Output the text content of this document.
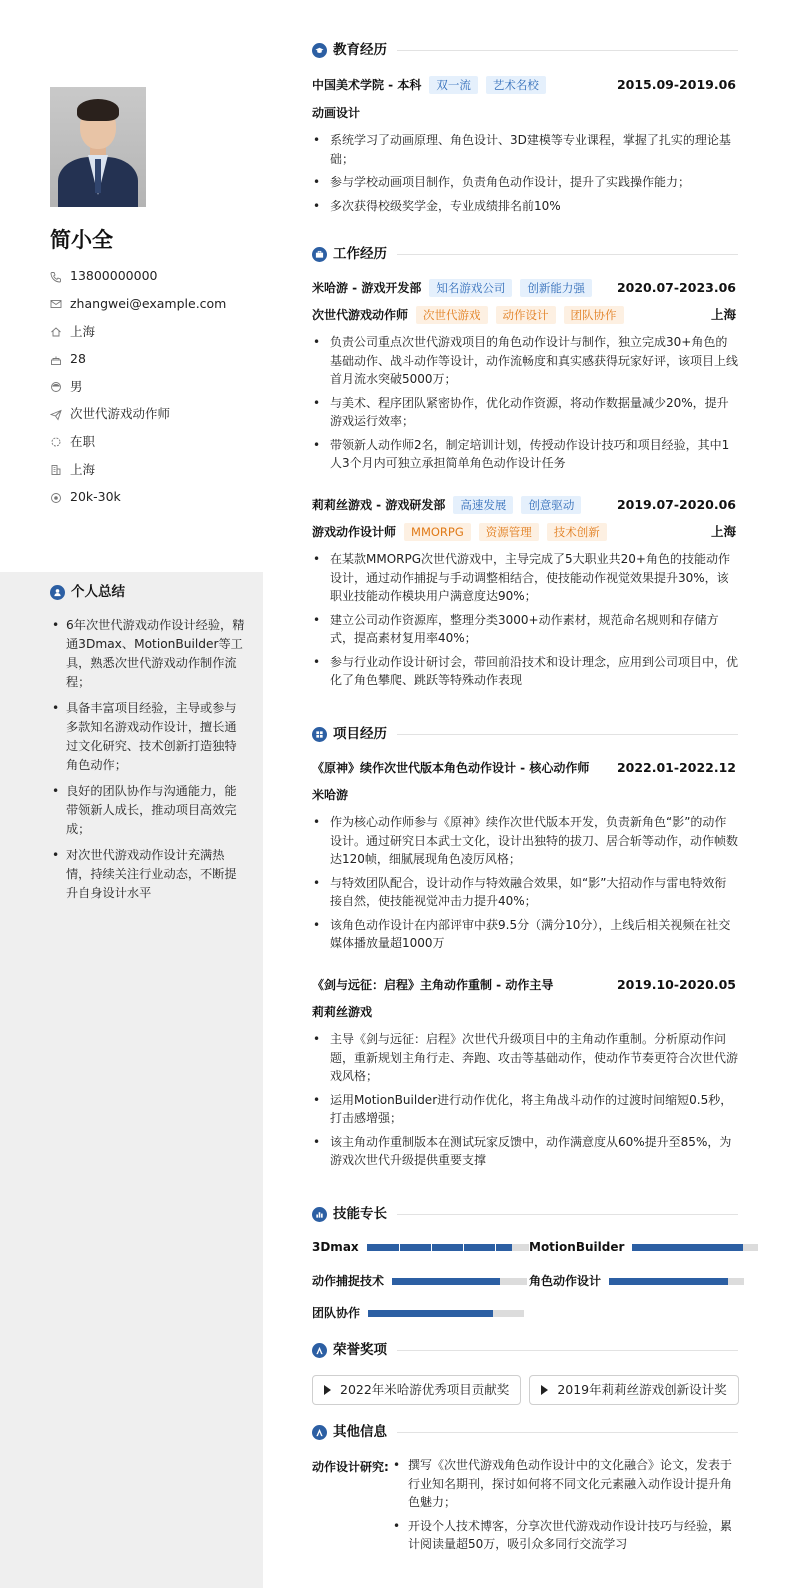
简小全
13800000000
zhangwei@example.com
上海
28
男
次世代游戏动作师
在职
上海
20k-30k
个人总结
• 6年次世代游戏动作设计经验，精通3Dmax、MotionBuilder等工具，熟悉次世代游戏动作制作流程；
• 具备丰富项目经验，主导或参与多款知名游戏动作设计，擅长通过文化研究、技术创新打造独特角色动作；
• 良好的团队协作与沟通能力，能带领新人成长，推动项目高效完成；
• 对次世代游戏动作设计充满热情，持续关注行业动态，不断提升自身设计水平
教育经历
中国美术学院 - 本科	双一流	艺术名校	2015.09-2019.06
动画设计
• 系统学习了动画原理、角色设计、3D建模等专业课程，掌握了扎实的理论基础；
• 参与学校动画项目制作，负责角色动作设计，提升了实践操作能力；
• 多次获得校级奖学金，专业成绩排名前10%
工作经历
米哈游 - 游戏开发部	知名游戏公司	创新能力强	2020.07-2023.06
次世代游戏动作师	次世代游戏	动作设计	团队协作	上海
• 负责公司重点次世代游戏项目的角色动作设计与制作，独立完成30+角色的基础动作、战斗动作等设计，动作流畅度和真实感获得玩家好评，该项目上线首月流水突破5000万；
• 与美术、程序团队紧密协作，优化动作资源，将动作数据量减少20%，提升游戏运行效率；
• 带领新人动作师2名，制定培训计划，传授动作设计技巧和项目经验，其中1人3个月内可独立承担简单角色动作设计任务
莉莉丝游戏 - 游戏研发部	高速发展	创意驱动	2019.07-2020.06
游戏动作设计师	MMORPG	资源管理	技术创新	上海
• 在某款MMORPG次世代游戏中，主导完成了5大职业共20+角色的技能动作设计，通过动作捕捉与手动调整相结合，使技能动作视觉效果提升30%，该职业技能动作模块用户满意度达90%；
• 建立公司动作资源库，整理分类3000+动作素材，规范命名规则和存储方式，提高素材复用率40%；
• 参与行业动作设计研讨会，带回前沿技术和设计理念，应用到公司项目中，优化了角色攀爬、跳跃等特殊动作表现
项目经历
《原神》续作次世代版本角色动作设计 - 核心动作师 2022.01-2022.12
米哈游
• 作为核心动作师参与《原神》续作次世代版本开发，负责新角色“影”的动作设计。通过研究日本武士文化，设计出独特的拔刀、居合斩等动作，动作帧数达120帧，细腻展现角色凌厉风格；
• 与特效团队配合，设计动作与特效融合效果，如“影”大招动作与雷电特效衔接自然，使技能视觉冲击力提升40%；
• 该角色动作设计在内部评审中获9.5分（满分10分），上线后相关视频在社交媒体播放量超1000万
《剑与远征：启程》主角动作重制 - 动作主导	2019.10-2020.05
莉莉丝游戏
• 主导《剑与远征：启程》次世代升级项目中的主角动作重制。分析原动作问题，重新规划主角行走、奔跑、攻击等基础动作，使动作节奏更符合次世代游戏风格；
• 运用MotionBuilder进行动作优化，将主角战斗动作的过渡时间缩短0.5秒，打击感增强；
• 该主角动作重制版本在测试玩家反馈中，动作满意度从60%提升至85%，为游戏次世代升级提供重要支撑
技能专长
3Dmax	MotionBuilder
动作捕捉技术	角色动作设计
团队协作
荣誉奖项
2022年米哈游优秀项目贡献奖	2019年莉莉丝游戏创新设计奖
其他信息
动作设计研究:
•	撰写《次世代游戏角色动作设计中的文化融合》论文，发表于行业知名期刊，探讨如何将不同文化元素融入动作设计提升角色魅力；
• 开设个人技术博客，分享次世代游戏动作设计技巧与经验，累计阅读量超50万，吸引众多同行交流学习
